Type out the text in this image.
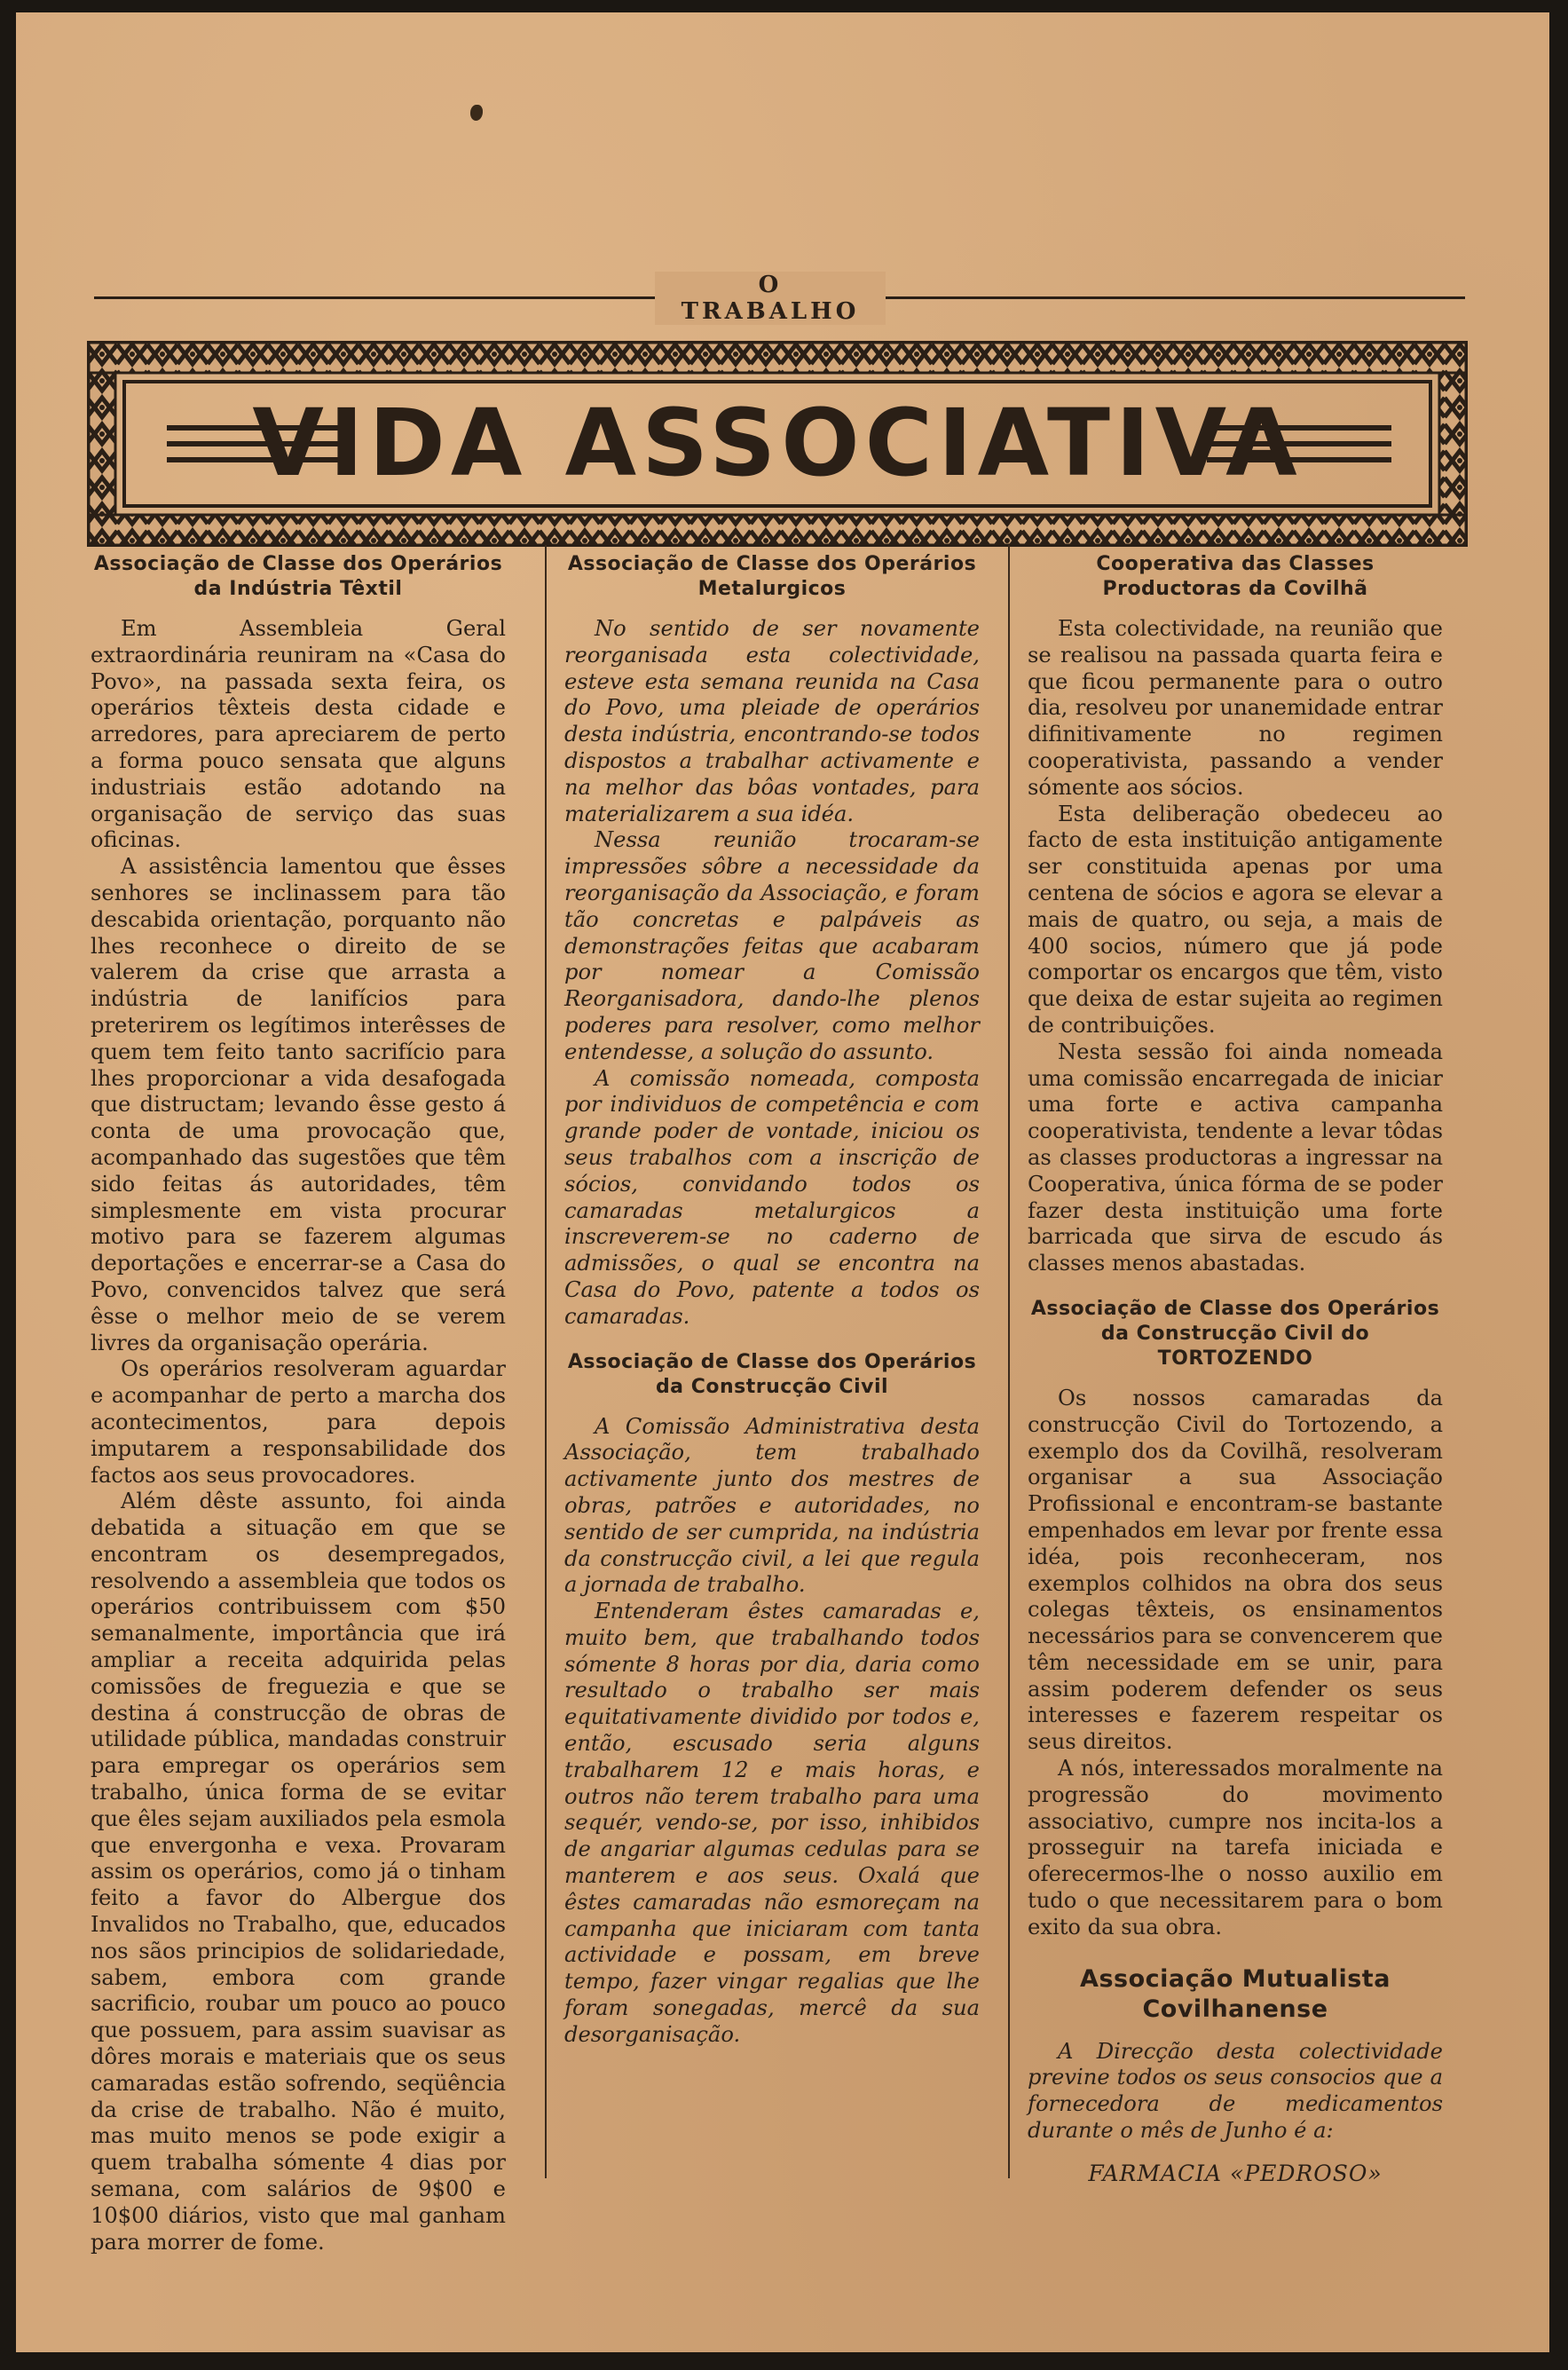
O TRABALHO
VIDA ASSOCIATIVA
Associação de Classe dos Operários da Indústria Têxtil

Em Assembleia Geral extraordinária reuniram na «Casa do Povo», na passada sexta feira, os operários têxteis desta cidade e arredores, para apreciarem de perto a forma pouco sensata que alguns industriais estão adotando na organisação de serviço das suas oficinas.

A assistência lamentou que êsses senhores se inclinassem para tão descabida orientação, porquanto não lhes reconhece o direito de se valerem da crise que arrasta a indústria de lanifícios para preterirem os legítimos interêsses de quem tem feito tanto sacrifício para lhes proporcionar a vida desafogada que distructam; levando êsse gesto á conta de uma provocação que, acompanhado das sugestões que têm sido feitas ás autoridades, têm simplesmente em vista procurar motivo para se fazerem algumas deportações e encerrar-se a Casa do Povo, convencidos talvez que será êsse o melhor meio de se verem livres da organisação operária.

Os operários resolveram aguardar e acompanhar de perto a marcha dos acontecimentos, para depois imputarem a responsabilidade dos factos aos seus provocadores.

Além dêste assunto, foi ainda debatida a situação em que se encontram os desempregados, resolvendo a assembleia que todos os operários contribuissem com $50 semanalmente, importância que irá ampliar a receita adquirida pelas comissões de freguezia e que se destina á construcção de obras de utilidade pública, mandadas construir para empregar os operários sem trabalho, única forma de se evitar que êles sejam auxiliados pela esmola que envergonha e vexa. Provaram assim os operários, como já o tinham feito a favor do Albergue dos Invalidos no Trabalho, que, educados nos sãos principios de solidariedade, sabem, embora com grande sacrificio, roubar um pouco ao pouco que possuem, para assim suavisar as dôres morais e materiais que os seus camaradas estão sofrendo, seqüência da crise de trabalho. Não é muito, mas muito menos se pode exigir a quem trabalha sómente 4 dias por semana, com salários de 9$00 e 10$00 diários, visto que mal ganham para morrer de fome.

Associação de Classe dos Operários Metalurgicos

No sentido de ser novamente reorganisada esta colectividade, esteve esta semana reunida na Casa do Povo, uma pleiade de operários desta indústria, encontrando-se todos dispostos a trabalhar activamente e na melhor das bôas vontades, para materializarem a sua idéa.

Nessa reunião trocaram-se impressões sôbre a necessidade da reorganisação da Associação, e foram tão concretas e palpáveis as demonstrações feitas que acabaram por nomear a Comissão Reorganisadora, dando-lhe plenos poderes para resolver, como melhor entendesse, a solução do assunto.

A comissão nomeada, composta por individuos de competência e com grande poder de vontade, iniciou os seus trabalhos com a inscrição de sócios, convidando todos os camaradas metalurgicos a inscreverem-se no caderno de admissões, o qual se encontra na Casa do Povo, patente a todos os camaradas.

Associação de Classe dos Operários da Construcção Civil

A Comissão Administrativa desta Associação, tem trabalhado activamente junto dos mestres de obras, patrões e autoridades, no sentido de ser cumprida, na indústria da construcção civil, a lei que regula a jornada de trabalho.

Entenderam êstes camaradas e, muito bem, que trabalhando todos sómente 8 horas por dia, daria como resultado o trabalho ser mais equitativamente dividido por todos e, então, escusado seria alguns trabalharem 12 e mais horas, e outros não terem trabalho para uma sequér, vendo-se, por isso, inhibidos de angariar algumas cedulas para se manterem e aos seus. Oxalá que êstes camaradas não esmoreçam na campanha que iniciaram com tanta actividade e possam, em breve tempo, fazer vingar regalias que lhe foram sonegadas, mercê da sua desorganisação.

Cooperativa das Classes Productoras da Covilhã

Esta colectividade, na reunião que se realisou na passada quarta feira e que ficou permanente para o outro dia, resolveu por unanemidade entrar difinitivamente no regimen cooperativista, passando a vender sómente aos sócios.

Esta deliberação obedeceu ao facto de esta instituição antigamente ser constituida apenas por uma centena de sócios e agora se elevar a mais de quatro, ou seja, a mais de 400 socios, número que já pode comportar os encargos que têm, visto que deixa de estar sujeita ao regimen de contribuições.

Nesta sessão foi ainda nomeada uma comissão encarregada de iniciar uma forte e activa campanha cooperativista, tendente a levar tôdas as classes productoras a ingressar na Cooperativa, única fórma de se poder fazer desta instituição uma forte barricada que sirva de escudo ás classes menos abastadas.

Associação de Classe dos Operários da Construcção Civil do TORTOZENDO

Os nossos camaradas da construcção Civil do Tortozendo, a exemplo dos da Covilhã, resolveram organisar a sua Associação Profissional e encontram-se bastante empenhados em levar por frente essa idéa, pois reconheceram, nos exemplos colhidos na obra dos seus colegas têxteis, os ensinamentos necessários para se convencerem que têm necessidade em se unir, para assim poderem defender os seus interesses e fazerem respeitar os seus direitos.

A nós, interessados moralmente na progressão do movimento associativo, cumpre nos incita-los a prosseguir na tarefa iniciada e oferecermos-lhe o nosso auxilio em tudo o que necessitarem para o bom exito da sua obra.

Associação Mutualista Covilhanense

A Direcção desta colectividade previne todos os seus consocios que a fornecedora de medicamentos durante o mês de Junho é a:

FARMACIA «PEDROSO»
